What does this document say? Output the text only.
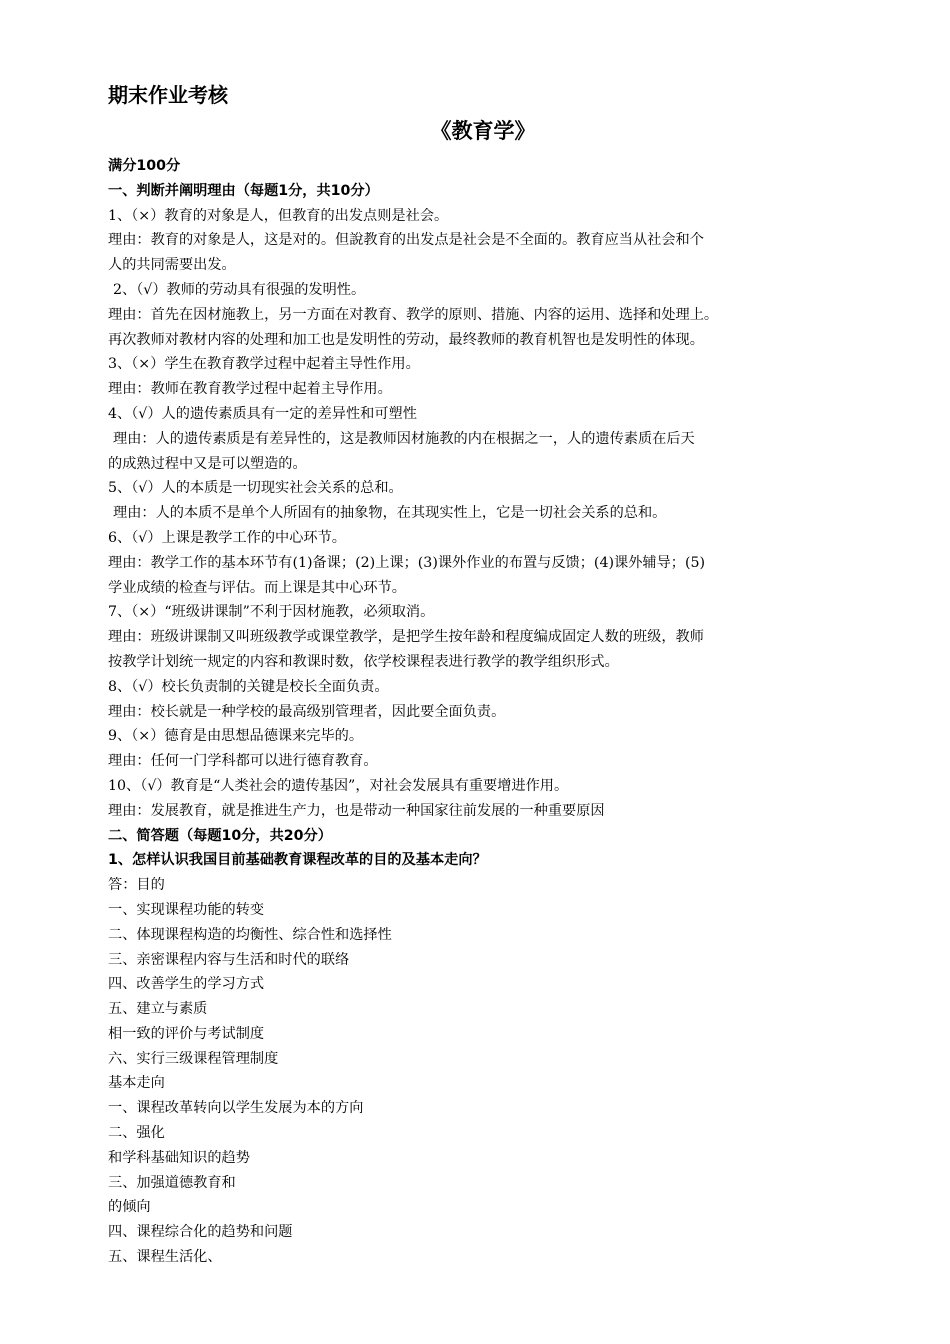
期末作业考核
《教育学》
满分100分
一、判断并阐明理由（每题1分，共10分）
1、（×）教育的对象是人，但教育的出发点则是社会。
理由：教育的对象是人，这是对的。但說教育的出发点是社会是不全面的。教育应当从社会和个
人的共同需要出发。
2、（√）教师的劳动具有很强的发明性。
理由：首先在因材施教上，另一方面在对教育、教学的原则、措施、内容的运用、选择和处理上。
再次教师对教材内容的处理和加工也是发明性的劳动，最终教师的教育机智也是发明性的体现。
3、（×）学生在教育教学过程中起着主导性作用。
理由：教师在教育教学过程中起着主导作用。
4、（√）人的遗传素质具有一定的差异性和可塑性
理由：人的遗传素质是有差异性的，这是教师因材施教的内在根据之一，人的遗传素质在后天
的成熟过程中又是可以塑造的。
5、（√）人的本质是一切现实社会关系的总和。
理由：人的本质不是单个人所固有的抽象物，在其现实性上，它是一切社会关系的总和。
6、（√）上课是教学工作的中心环节。
理由：教学工作的基本环节有(1)备课；(2)上课；(3)课外作业的布置与反馈；(4)课外辅导；(5)
学业成绩的检查与评估。而上课是其中心环节。
7、（×）“班级讲课制”不利于因材施教，必须取消。
理由：班级讲课制又叫班级教学或课堂教学，是把学生按年龄和程度编成固定人数的班级，教师
按教学计划统一规定的内容和教课时数，依学校课程表进行教学的教学组织形式。
8、（√）校长负责制的关键是校长全面负责。
理由：校长就是一种学校的最高级别管理者，因此要全面负责。
9、（×）德育是由思想品德课来完毕的。
理由：任何一门学科都可以进行德育教育。
10、（√）教育是“人类社会的遗传基因”，对社会发展具有重要增进作用。
理由：发展教育，就是推进生产力，也是带动一种国家往前发展的一种重要原因
二、简答题（每题10分，共20分）
1、怎样认识我国目前基础教育课程改革的目的及基本走向？
答：目的
一、实现课程功能的转变
二、体现课程构造的均衡性、综合性和选择性
三、亲密课程内容与生活和时代的联络
四、改善学生的学习方式
五、建立与素质
相一致的评价与考试制度
六、实行三级课程管理制度
基本走向
一、课程改革转向以学生发展为本的方向
二、强化
和学科基础知识的趋势
三、加强道德教育和
的倾向
四、课程综合化的趋势和问题
五、课程生活化、
